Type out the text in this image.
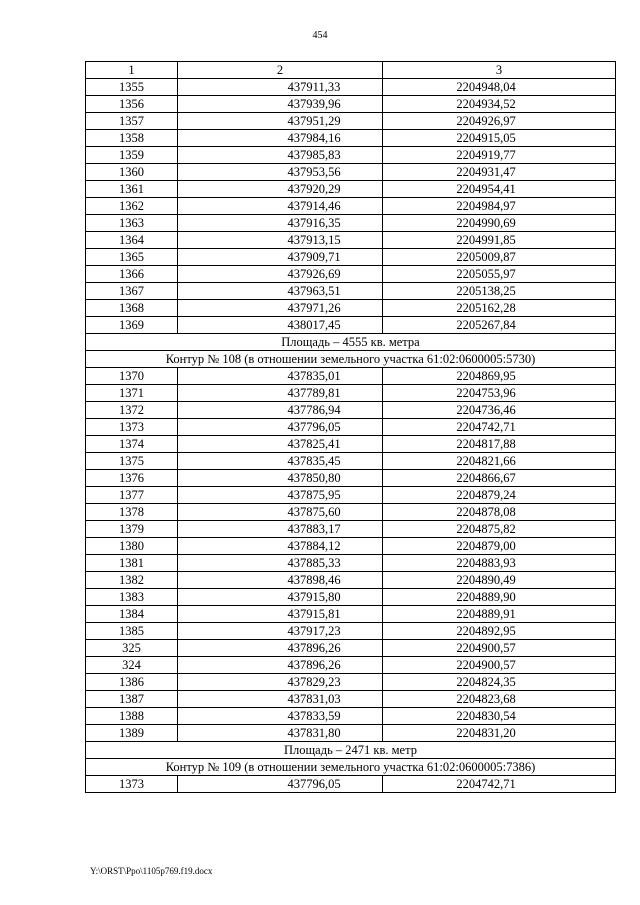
454
1	2	3
1355	437911,33	2204948,04
1356	437939,96	2204934,52
1357	437951,29	2204926,97
1358	437984,16	2204915,05
1359	437985,83	2204919,77
1360	437953,56	2204931,47
1361	437920,29	2204954,41
1362	437914,46	2204984,97
1363	437916,35	2204990,69
1364	437913,15	2204991,85
1365	437909,71	2205009,87
1366	437926,69	2205055,97
1367	437963,51	2205138,25
1368	437971,26	2205162,28
1369	438017,45	2205267,84
Площадь – 4555 кв. метра		
Контур № 108 (в отношении земельного участка 61:02:0600005:5730)		
1370	437835,01	2204869,95
1371	437789,81	2204753,96
1372	437786,94	2204736,46
1373	437796,05	2204742,71
1374	437825,41	2204817,88
1375	437835,45	2204821,66
1376	437850,80	2204866,67
1377	437875,95	2204879,24
1378	437875,60	2204878,08
1379	437883,17	2204875,82
1380	437884,12	2204879,00
1381	437885,33	2204883,93
1382	437898,46	2204890,49
1383	437915,80	2204889,90
1384	437915,81	2204889,91
1385	437917,23	2204892,95
325	437896,26	2204900,57
324	437896,26	2204900,57
1386	437829,23	2204824,35
1387	437831,03	2204823,68
1388	437833,59	2204830,54
1389	437831,80	2204831,20
Площадь – 2471 кв. метр		
Контур № 109 (в отношении земельного участка 61:02:0600005:7386)		
1373	437796,05	2204742,71
Y:\ORST\Ppo\1105p769.f19.docx
